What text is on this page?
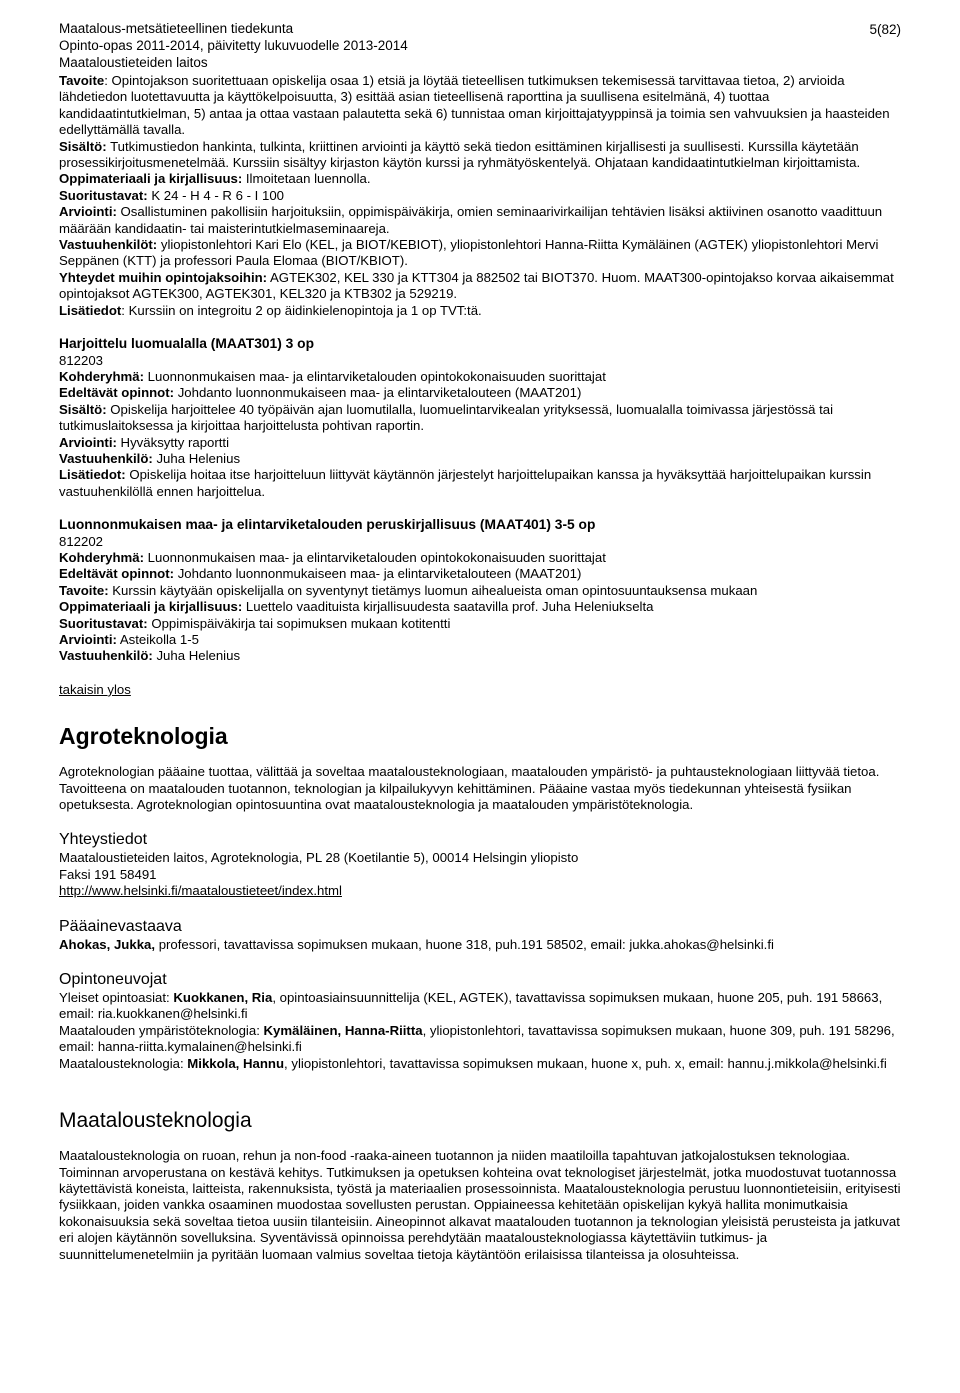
Maatalous-metsätieteellinen tiedekunta
Opinto-opas 2011-2014, päivitetty lukuvuodelle 2013-2014
Maataloustieteiden laitos
5(82)

Tavoite: Opintojakson suoritettuaan opiskelija osaa 1) etsiä ja löytää tieteellisen tutkimuksen tekemisessä tarvittavaa tietoa, 2) arvioida lähdetiedon luotettavuutta ja käyttökelpoisuutta, 3) esittää asian tieteellisenä raporttina ja suullisena esitelmänä, 4) tuottaa kandidaatintutkielman, 5) antaa ja ottaa vastaan palautetta sekä 6) tunnistaa oman kirjoittajatyyppinsä ja toimia sen vahvuuksien ja haasteiden edellyttämällä tavalla.

Sisältö: Tutkimustiedon hankinta, tulkinta, kriittinen arviointi ja käyttö sekä tiedon esittäminen kirjallisesti ja suullisesti. Kurssilla käytetään prosessikirjoitusmenetelmää. Kurssiin sisältyy kirjaston käytön kurssi ja ryhmätyöskentelyä. Ohjataan kandidaatintutkielman kirjoittamista.

Oppimateriaali ja kirjallisuus: Ilmoitetaan luennolla.

Suoritustavat: K 24 - H 4 - R 6 - I 100

Arviointi: Osallistuminen pakollisiin harjoituksiin, oppimispäiväkirja, omien seminaarivirkailijan tehtävien lisäksi aktiivinen osanotto vaadittuun määrään kandidaatin- tai maisterintutkielmaseminaareja.

Vastuuhenkilöt: yliopistonlehtori Kari Elo (KEL, ja BIOT/KEBIOT), yliopistonlehtori Hanna-Riitta Kymäläinen (AGTEK) yliopistonlehtori Mervi Seppänen (KTT) ja professori Paula Elomaa (BIOT/KBIOT).

Yhteydet muihin opintojaksoihin: AGTEK302, KEL 330 ja KTT304 ja 882502 tai BIOT370. Huom. MAAT300-opintojakso korvaa aikaisemmat opintojaksot AGTEK300, AGTEK301, KEL320 ja KTB302 ja 529219.

Lisätiedot: Kurssiin on integroitu 2 op äidinkielenopintoja ja 1 op TVT:tä.

Harjoittelu luomualalla (MAAT301) 3 op

812203

Kohderyhmä: Luonnonmukaisen maa- ja elintarviketalouden opintokokonaisuuden suorittajat

Edeltävät opinnot: Johdanto luonnonmukaiseen maa- ja elintarviketalouteen (MAAT201)

Sisältö: Opiskelija harjoittelee 40 työpäivän ajan luomutilalla, luomuelintarvikealan yrityksessä, luomualalla toimivassa järjestössä tai tutkimuslaitoksessa ja kirjoittaa harjoittelusta pohtivan raportin.

Arviointi: Hyväksytty raportti

Vastuuhenkilö: Juha Helenius

Lisätiedot: Opiskelija hoitaa itse harjoitteluun liittyvät käytännön järjestelyt harjoittelupaikan kanssa ja hyväksyttää harjoittelupaikan kurssin vastuuhenkilöllä ennen harjoittelua.

Luonnonmukaisen maa- ja elintarviketalouden peruskirjallisuus (MAAT401) 3-5 op

812202

Kohderyhmä: Luonnonmukaisen maa- ja elintarviketalouden opintokokonaisuuden suorittajat

Edeltävät opinnot: Johdanto luonnonmukaiseen maa- ja elintarviketalouteen (MAAT201)

Tavoite: Kurssin käytyään opiskelijalla on syventynyt tietämys luomun aihealueista oman opintosuuntauksensa mukaan

Oppimateriaali ja kirjallisuus: Luettelo vaadituista kirjallisuudesta saatavilla prof. Juha Heleniukselta

Suoritustavat: Oppimispäiväkirja tai sopimuksen mukaan kotitentti

Arviointi: Asteikolla 1-5

Vastuuhenkilö: Juha Helenius

takaisin ylos

Agroteknologia

Agroteknologian pääaine tuottaa, välittää ja soveltaa maatalousteknologiaan, maatalouden ympäristö- ja puhtausteknologiaan liittyvää tietoa. Tavoitteena on maatalouden tuotannon, teknologian ja kilpailukyvyn kehittäminen. Pääaine vastaa myös tiedekunnan yhteisestä fysiikan opetuksesta. Agroteknologian opintosuuntina ovat maatalousteknologia ja maatalouden ympäristöteknologia.

Yhteystiedot

Maataloustieteiden laitos, Agroteknologia, PL 28 (Koetilantie 5), 00014 Helsingin yliopisto

Faksi 191 58491

http://www.helsinki.fi/maataloustieteet/index.html

Pääainevastaava

Ahokas, Jukka, professori, tavattavissa sopimuksen mukaan, huone 318, puh.191 58502, email: jukka.ahokas@helsinki.fi

Opintoneuvojat

Yleiset opintoasiat: Kuokkanen, Ria, opintoasiainsuunnittelija (KEL, AGTEK), tavattavissa sopimuksen mukaan, huone 205, puh. 191 58663, email: ria.kuokkanen@helsinki.fi

Maatalouden ympäristöteknologia: Kymäläinen, Hanna-Riitta, yliopistonlehtori, tavattavissa sopimuksen mukaan, huone 309, puh. 191 58296, email: hanna-riitta.kymalainen@helsinki.fi

Maatalousteknologia: Mikkola, Hannu, yliopistonlehtori, tavattavissa sopimuksen mukaan, huone x, puh. x, email: hannu.j.mikkola@helsinki.fi

Maatalousteknologia

Maatalousteknologia on ruoan, rehun ja non-food -raaka-aineen tuotannon ja niiden maatiloilla tapahtuvan jatkojalostuksen teknologiaa. Toiminnan arvoperustana on kestävä kehitys. Tutkimuksen ja opetuksen kohteina ovat teknologiset järjestelmät, jotka muodostuvat tuotannossa käytettävistä koneista, laitteista, rakennuksista, työstä ja materiaalien prosessoinnista. Maatalousteknologia perustuu luonnontieteisiin, erityisesti fysiikkaan, joiden vankka osaaminen muodostaa sovellusten perustan. Oppiaineessa kehitetään opiskelijan kykyä hallita monimutkaisia kokonaisuuksia sekä soveltaa tietoa uusiin tilanteisiin. Aineopinnot alkavat maatalouden tuotannon ja teknologian yleisistä perusteista ja jatkuvat eri alojen käytännön sovelluksina. Syventävissä opinnoissa perehdytään maatalousteknologiassa käytettäviin tutkimus- ja suunnittelumenetelmiin ja pyritään luomaan valmius soveltaa tietoja käytäntöön erilaisissa tilanteissa ja olosuhteissa.
